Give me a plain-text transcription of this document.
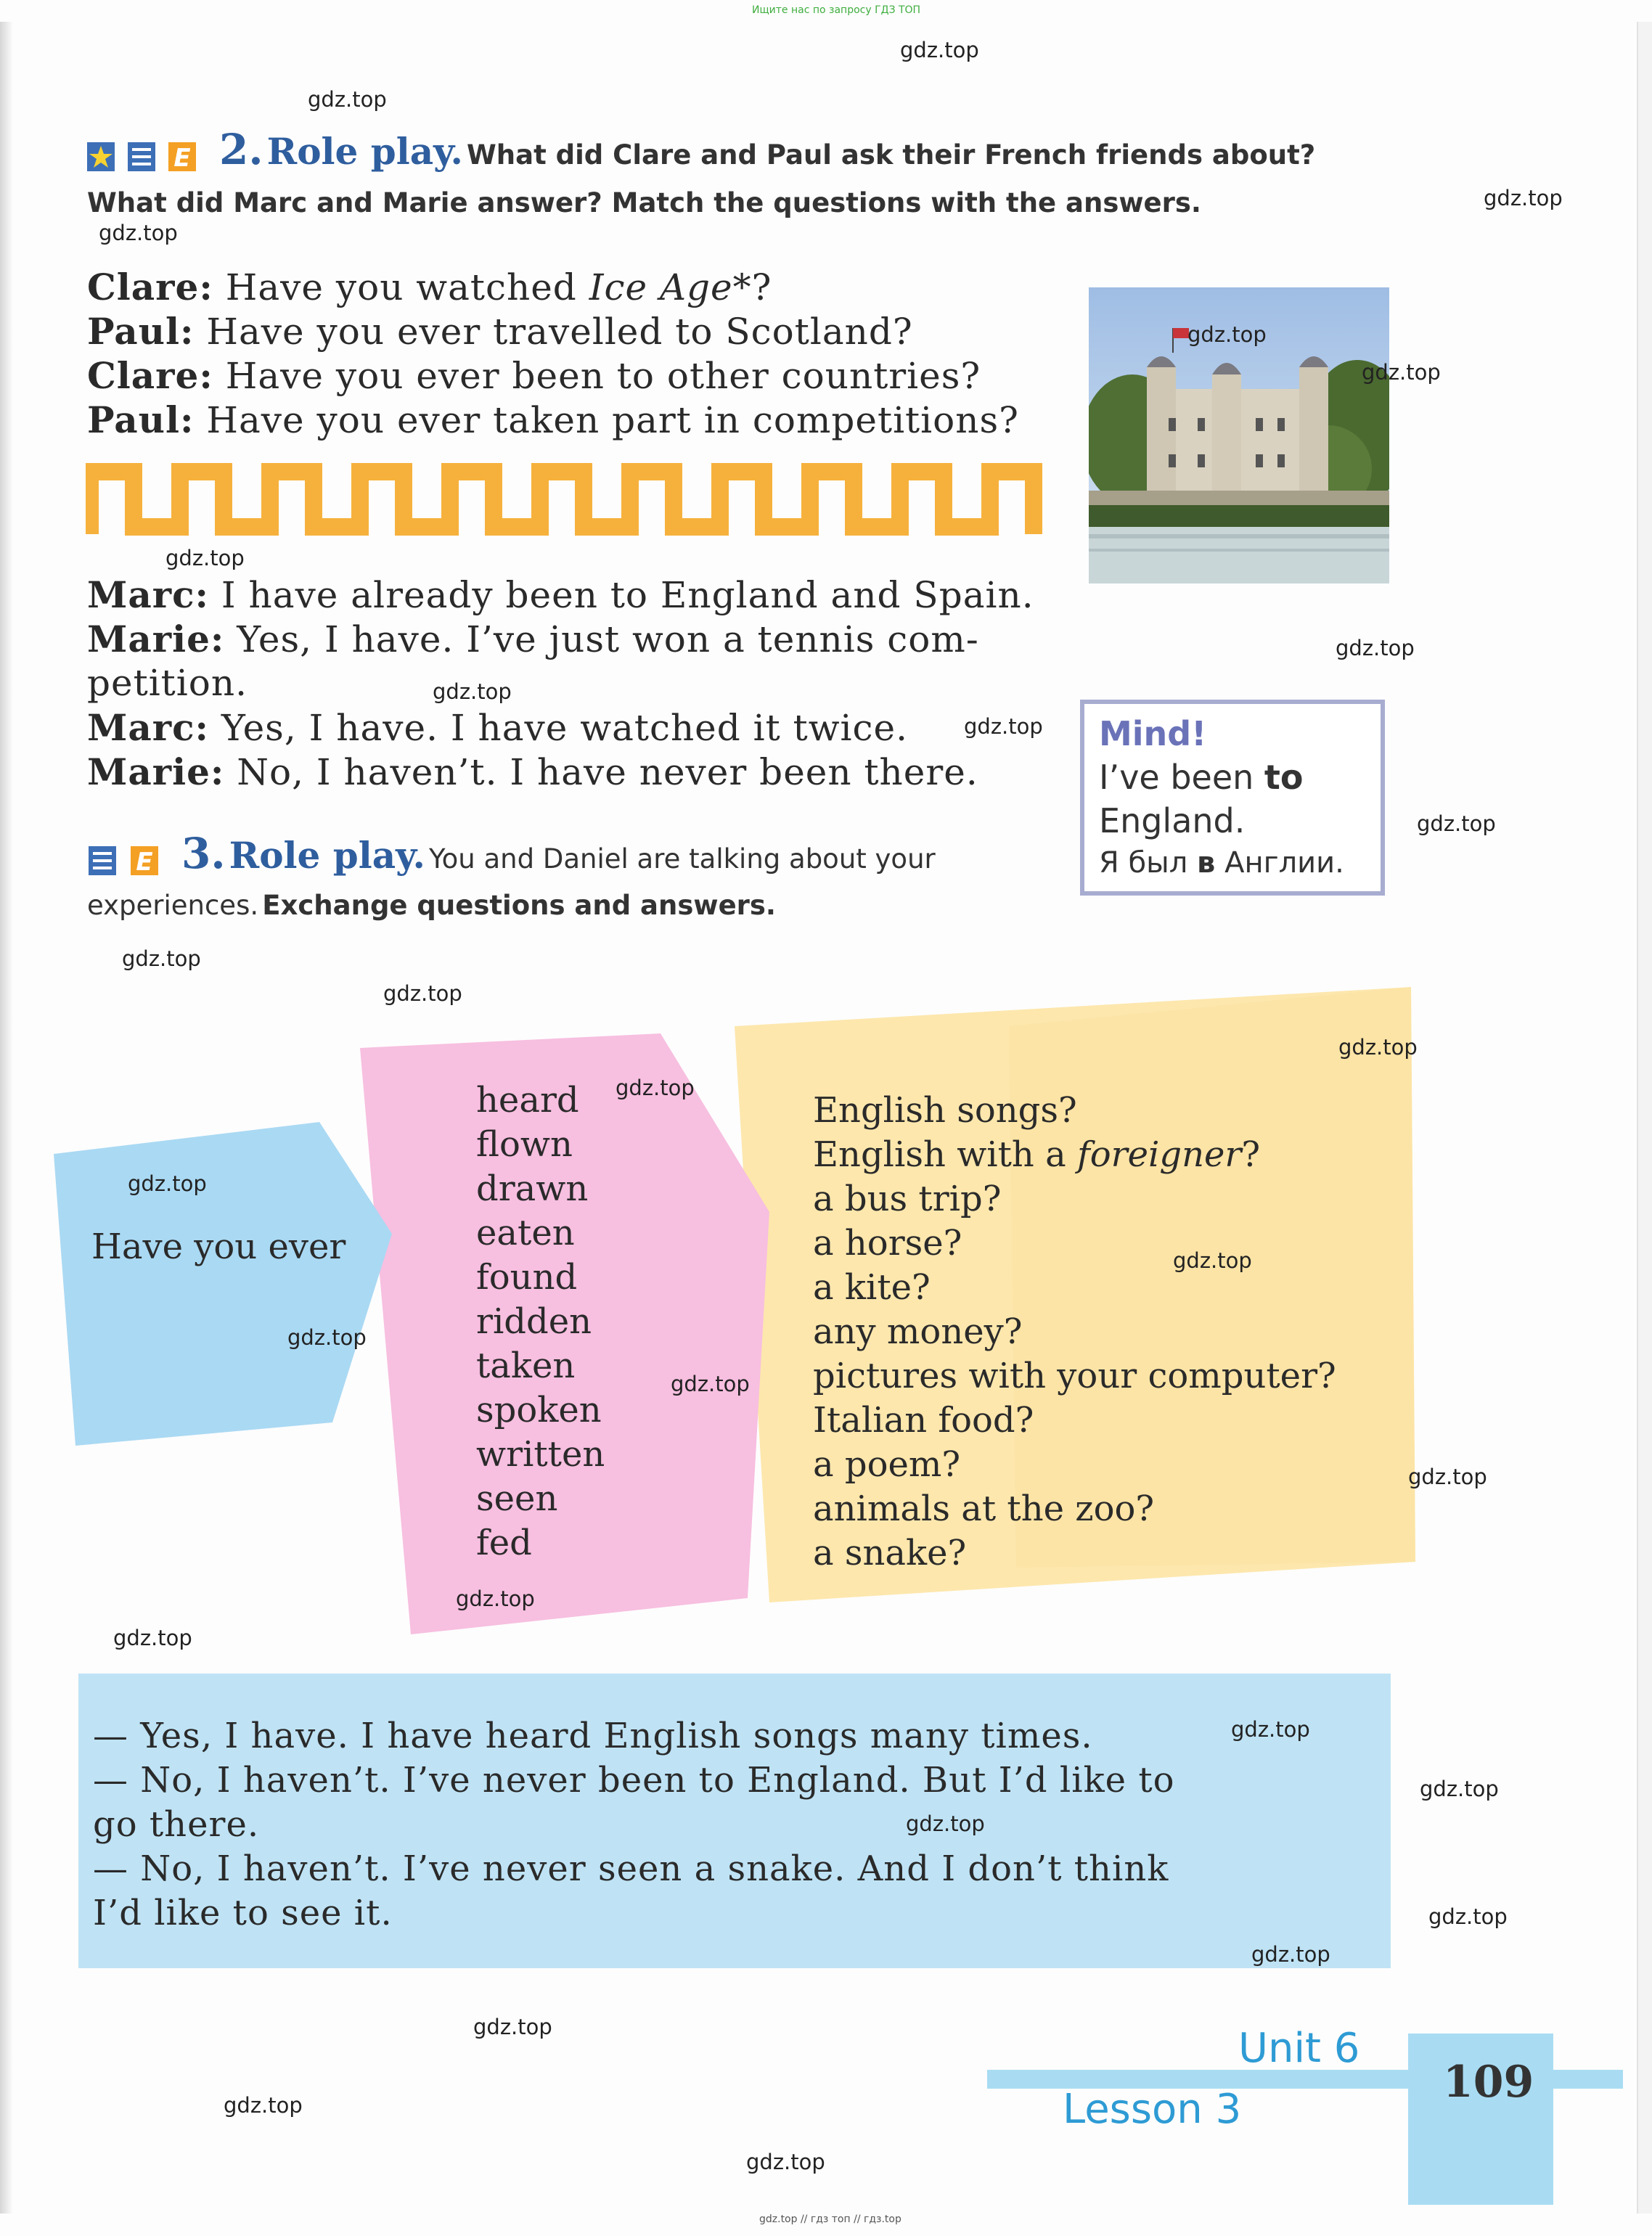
Ищите нас по запросу ГДЗ ТОП
E 2. Role play. What did Clare and Paul ask their French friends about?
What did Marc and Marie answer? Match the questions with the answers.
Clare: Have you watched Ice Age*?
Paul: Have you ever travelled to Scotland?
Clare: Have you ever been to other countries?
Paul: Have you ever taken part in competitions?
Marc: I have already been to England and Spain.
Marie: Yes, I have. I’ve just won a tennis com-
petition.
Marc: Yes, I have. I have watched it twice.
Marie: No, I haven’t. I have never been there.
Mind!
I’ve been to
England.
Я был в Англии.
E 3. Role play. You and Daniel are talking about your
experiences. Exchange questions and answers.
Have you ever
heard
flown
drawn
eaten
found
ridden
taken
spoken
written
seen
fed
English songs?
English with a foreigner?
a bus trip?
a horse?
a kite?
any money?
pictures with your computer?
Italian food?
a poem?
animals at the zoo?
a snake?
— Yes, I have. I have heard English songs many times.
— No, I haven’t. I’ve never been to England. But I’d like to
go there.
— No, I haven’t. I’ve never seen a snake. And I don’t think
I’d like to see it.
Unit 6
Lesson 3
109
gdz.top
gdz.top
gdz.top
gdz.top
gdz.top
gdz.top
gdz.top
gdz.top
gdz.top
gdz.top
gdz.top
gdz.top
gdz.top
gdz.top
gdz.top
gdz.top
gdz.top
gdz.top
gdz.top
gdz.top
gdz.top
gdz.top
gdz.top
gdz.top
gdz.top
gdz.top
gdz.top
gdz.top
gdz.top
gdz.top
gdz.top // гдз топ // гдз.top
